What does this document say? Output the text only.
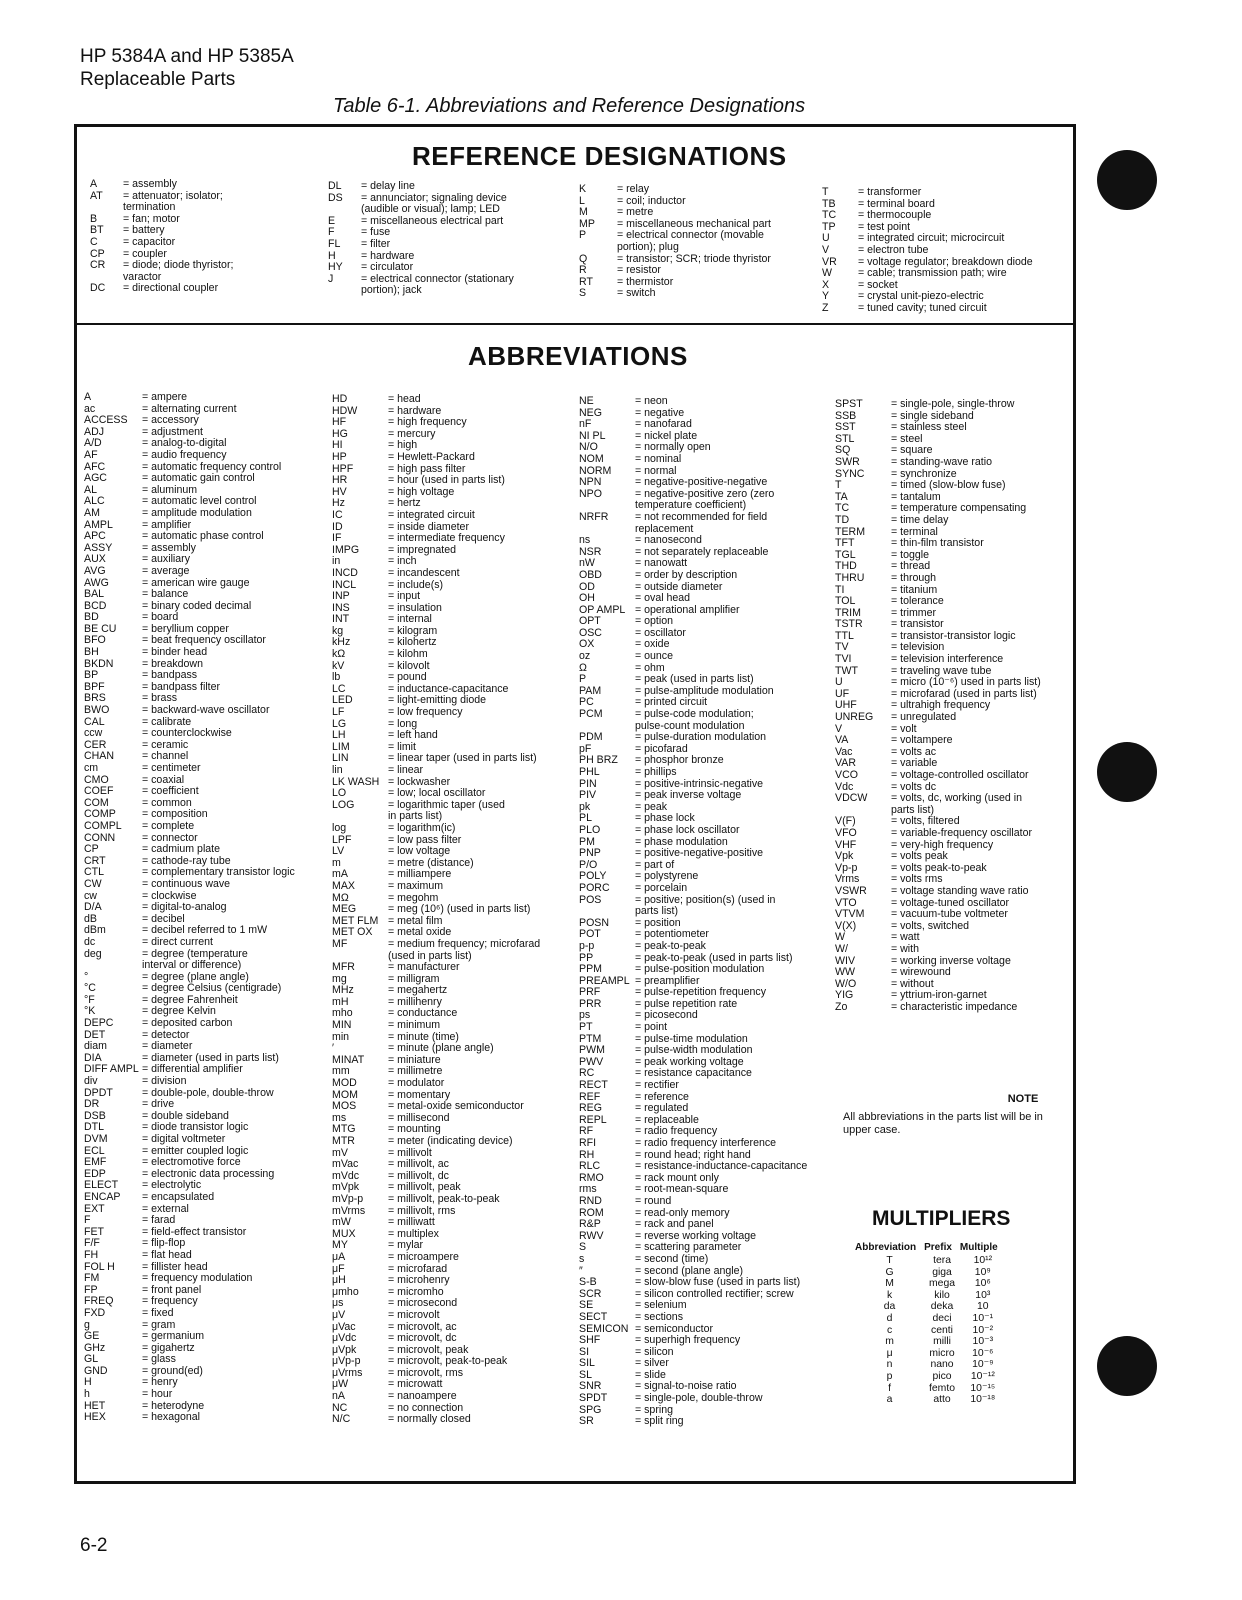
HP 5384A and HP 5385A
Replaceable Parts
Table 6-1. Abbreviations and Reference Designations
REFERENCE DESIGNATIONS
A	= assembly
AT	= attenuator; isolator;
termination
B	= fan; motor
BT	= battery
C	= capacitor
CP	= coupler
CR	= diode; diode thyristor;
varactor
DC	= directional coupler
DL	= delay line
DS	= annunciator; signaling device
(audible or visual); lamp; LED
E	= miscellaneous electrical part
F	= fuse
FL	= filter
H	= hardware
HY	= circulator
J	= electrical connector (stationary
portion); jack
K	= relay
L	= coil; inductor
M	= metre
MP	= miscellaneous mechanical part
P	= electrical connector (movable
portion); plug
Q	= transistor; SCR; triode thyristor
R	= resistor
RT	= thermistor
S	= switch
T	= transformer
TB	= terminal board
TC	= thermocouple
TP	= test point
U	= integrated circuit; microcircuit
V	= electron tube
VR	= voltage regulator; breakdown diode
W	= cable; transmission path; wire
X	= socket
Y	= crystal unit-piezo-electric
Z	= tuned cavity; tuned circuit
ABBREVIATIONS
A	= ampere
ac	= alternating current
ACCESS	= accessory
ADJ	= adjustment
A/D	= analog-to-digital
AF	= audio frequency
AFC	= automatic frequency control
AGC	= automatic gain control
AL	= aluminum
ALC	= automatic level control
AM	= amplitude modulation
AMPL	= amplifier
APC	= automatic phase control
ASSY	= assembly
AUX	= auxiliary
AVG	= average
AWG	= american wire gauge
BAL	= balance
BCD	= binary coded decimal
BD	= board
BE CU	= beryllium copper
BFO	= beat frequency oscillator
BH	= binder head
BKDN	= breakdown
BP	= bandpass
BPF	= bandpass filter
BRS	= brass
BWO	= backward-wave oscillator
CAL	= calibrate
ccw	= counterclockwise
CER	= ceramic
CHAN	= channel
cm	= centimeter
CMO	= coaxial
COEF	= coefficient
COM	= common
COMP	= composition
COMPL	= complete
CONN	= connector
CP	= cadmium plate
CRT	= cathode-ray tube
CTL	= complementary transistor logic
CW	= continuous wave
cw	= clockwise
D/A	= digital-to-analog
dB	= decibel
dBm	= decibel referred to 1 mW
dc	= direct current
deg	= degree (temperature
interval or difference)
°	= degree (plane angle)
°C	= degree Celsius (centigrade)
°F	= degree Fahrenheit
°K	= degree Kelvin
DEPC	= deposited carbon
DET	= detector
diam	= diameter
DIA	= diameter (used in parts list)
DIFF AMPL = differential amplifier
div	= division
DPDT	= double-pole, double-throw
DR	= drive
DSB	= double sideband
DTL	= diode transistor logic
DVM	= digital voltmeter
ECL	= emitter coupled logic
EMF	= electromotive force
EDP	= electronic data processing
ELECT	= electrolytic
ENCAP	= encapsulated
EXT	= external
F	= farad
FET	= field-effect transistor
F/F	= flip-flop
FH	= flat head
FOL H	= fillister head
FM	= frequency modulation
FP	= front panel
FREQ	= frequency
FXD	= fixed
g	= gram
GE	= germanium
GHz	= gigahertz
GL	= glass
GND	= ground(ed)
H	= henry
h	= hour
HET	= heterodyne
HEX	= hexagonal
HD	= head
HDW	= hardware
HF	= high frequency
HG	= mercury
HI	= high
HP	= Hewlett-Packard
HPF	= high pass filter
HR	= hour (used in parts list)
HV	= high voltage
Hz	= hertz
IC	= integrated circuit
ID	= inside diameter
IF	= intermediate frequency
IMPG	= impregnated
in	= inch
INCD	= incandescent
INCL	= include(s)
INP	= input
INS	= insulation
INT	= internal
kg	= kilogram
kHz	= kilohertz
kΩ	= kilohm
kV	= kilovolt
lb	= pound
LC	= inductance-capacitance
LED	= light-emitting diode
LF	= low frequency
LG	= long
LH	= left hand
LIM	= limit
LIN	= linear taper (used in parts list)
lin	= linear
LK WASH = lockwasher
LO	= low; local oscillator
LOG	= logarithmic taper (used
in parts list)
log	= logarithm(ic)
LPF	= low pass filter
LV	= low voltage
m	= metre (distance)
mA	= milliampere
MAX	= maximum
MΩ	= megohm
MEG	= meg (10⁶) (used in parts list)
MET FLM = metal film
MET OX	= metal oxide
MF	= medium frequency; microfarad
(used in parts list)
MFR	= manufacturer
mg	= milligram
MHz	= megahertz
mH	= millihenry
mho	= conductance
MIN	= minimum
min	= minute (time)
′	= minute (plane angle)
MINAT	= miniature
mm	= millimetre
MOD	= modulator
MOM	= momentary
MOS	= metal-oxide semiconductor
ms	= millisecond
MTG	= mounting
MTR	= meter (indicating device)
mV	= millivolt
mVac	= millivolt, ac
mVdc	= millivolt, dc
mVpk	= millivolt, peak
mVp-p	= millivolt, peak-to-peak
mVrms	= millivolt, rms
mW	= milliwatt
MUX	= multiplex
MY	= mylar
μA	= microampere
μF	= microfarad
μH	= microhenry
μmho	= micromho
μs	= microsecond
μV	= microvolt
μVac	= microvolt, ac
μVdc	= microvolt, dc
μVpk	= microvolt, peak
μVp-p	= microvolt, peak-to-peak
μVrms	= microvolt, rms
μW	= microwatt
nA	= nanoampere
NC	= no connection
N/C	= normally closed
NE	= neon
NEG	= negative
nF	= nanofarad
NI PL	= nickel plate
N/O	= normally open
NOM	= nominal
NORM	= normal
NPN	= negative-positive-negative
NPO	= negative-positive zero (zero
temperature coefficient)
NRFR	= not recommended for field
replacement
ns	= nanosecond
NSR	= not separately replaceable
nW	= nanowatt
OBD	= order by description
OD	= outside diameter
OH	= oval head
OP AMPL = operational amplifier
OPT	= option
OSC	= oscillator
OX	= oxide
oz	= ounce
Ω	= ohm
P	= peak (used in parts list)
PAM	= pulse-amplitude modulation
PC	= printed circuit
PCM	= pulse-code modulation;
pulse-count modulation
PDM	= pulse-duration modulation
pF	= picofarad
PH BRZ	= phosphor bronze
PHL	= phillips
PIN	= positive-intrinsic-negative
PIV	= peak inverse voltage
pk	= peak
PL	= phase lock
PLO	= phase lock oscillator
PM	= phase modulation
PNP	= positive-negative-positive
P/O	= part of
POLY	= polystyrene
PORC	= porcelain
POS	= positive; position(s) (used in
parts list)
POSN	= position
POT	= potentiometer
p-p	= peak-to-peak
PP	= peak-to-peak (used in parts list)
PPM	= pulse-position modulation
PREAMPL = preamplifier
PRF	= pulse-repetition frequency
PRR	= pulse repetition rate
ps	= picosecond
PT	= point
PTM	= pulse-time modulation
PWM	= pulse-width modulation
PWV	= peak working voltage
RC	= resistance capacitance
RECT	= rectifier
REF	= reference
REG	= regulated
REPL	= replaceable
RF	= radio frequency
RFI	= radio frequency interference
RH	= round head; right hand
RLC	= resistance-inductance-capacitance
RMO	= rack mount only
rms	= root-mean-square
RND	= round
ROM	= read-only memory
R&P	= rack and panel
RWV	= reverse working voltage
S	= scattering parameter
s	= second (time)
″	= second (plane angle)
S-B	= slow-blow fuse (used in parts list)
SCR	= silicon controlled rectifier; screw
SE	= selenium
SECT	= sections
SEMICON = semiconductor
SHF	= superhigh frequency
SI	= silicon
SIL	= silver
SL	= slide
SNR	= signal-to-noise ratio
SPDT	= single-pole, double-throw
SPG	= spring
SR	= split ring
SPST	= single-pole, single-throw
SSB	= single sideband
SST	= stainless steel
STL	= steel
SQ	= square
SWR	= standing-wave ratio
SYNC	= synchronize
T	= timed (slow-blow fuse)
TA	= tantalum
TC	= temperature compensating
TD	= time delay
TERM	= terminal
TFT	= thin-film transistor
TGL	= toggle
THD	= thread
THRU	= through
TI	= titanium
TOL	= tolerance
TRIM	= trimmer
TSTR	= transistor
TTL	= transistor-transistor logic
TV	= television
TVI	= television interference
TWT	= traveling wave tube
U	= micro (10⁻⁶) used in parts list)
UF	= microfarad (used in parts list)
UHF	= ultrahigh frequency
UNREG	= unregulated
V	= volt
VA	= voltampere
Vac	= volts ac
VAR	= variable
VCO	= voltage-controlled oscillator
Vdc	= volts dc
VDCW	= volts, dc, working (used in
parts list)
V(F)	= volts, filtered
VFO	= variable-frequency oscillator
VHF	= very-high frequency
Vpk	= volts peak
Vp-p	= volts peak-to-peak
Vrms	= volts rms
VSWR	= voltage standing wave ratio
VTO	= voltage-tuned oscillator
VTVM	= vacuum-tube voltmeter
V(X)	= volts, switched
W	= watt
W/	= with
WIV	= working inverse voltage
WW	= wirewound
W/O	= without
YIG	= yttrium-iron-garnet
Zo	= characteristic impedance
NOTE
All abbreviations in the parts list will be in upper case.
MULTIPLIERS
Abbreviation	Prefix	Multiple
T	tera	10¹²
G	giga	10⁹
M	mega	10⁶
k	kilo	10³
da	deka	10
d	deci	10⁻¹
c	centi	10⁻²
m	milli	10⁻³
μ	micro	10⁻⁶
n	nano	10⁻⁹
p	pico	10⁻¹²
f	femto	10⁻¹⁵
a	atto	10⁻¹⁸
6-2
